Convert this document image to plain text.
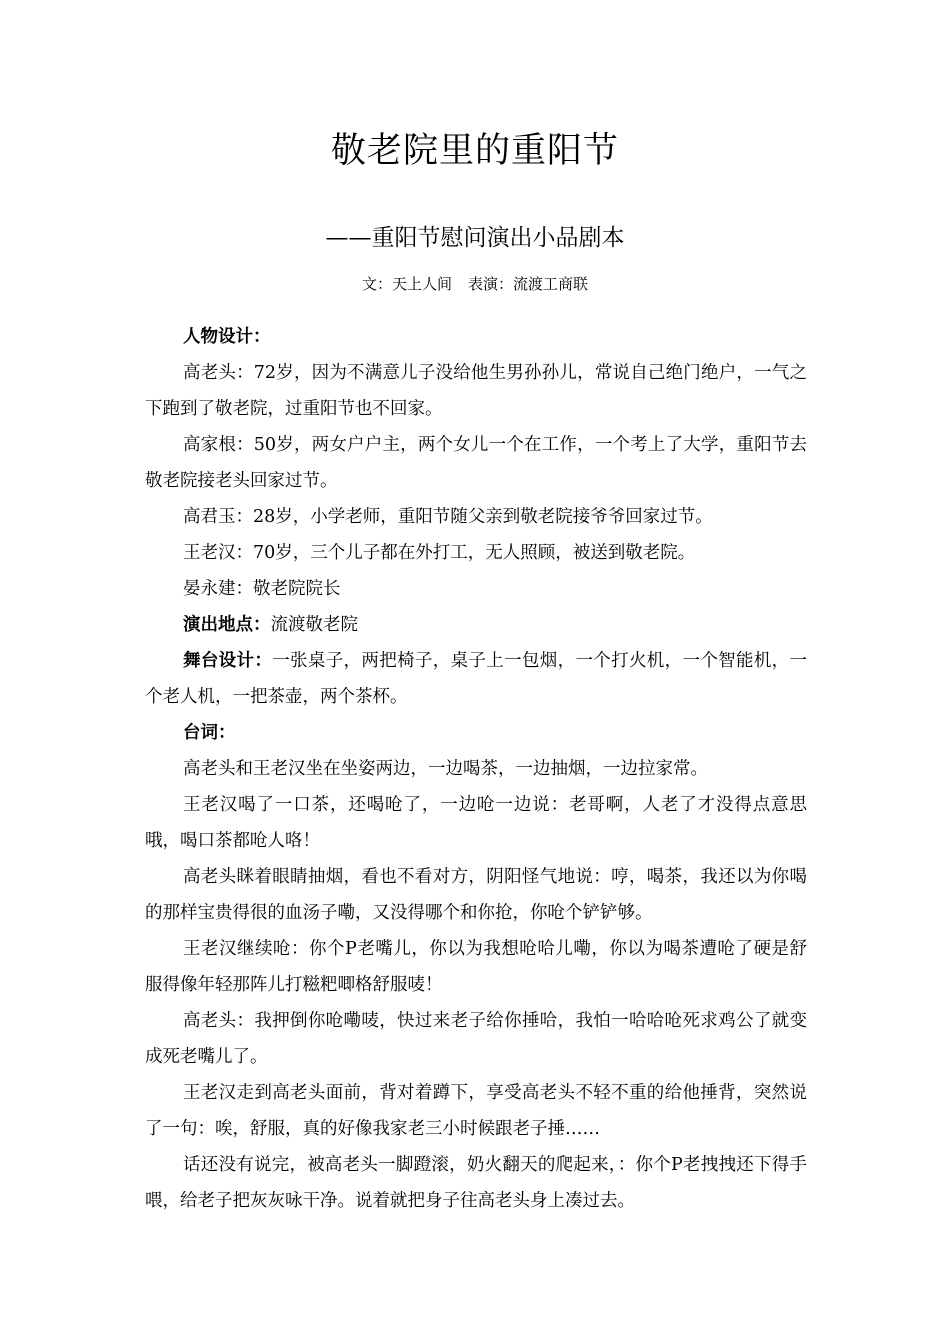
敬老院里的重阳节
——重阳节慰问演出小品剧本
文：天上人间 表演：流渡工商联

人物设计：

高老头：72岁，因为不满意儿子没给他生男孙孙儿，常说自己绝门绝户，一气之下跑到了敬老院，过重阳节也不回家。

高家根：50岁，两女户户主，两个女儿一个在工作，一个考上了大学，重阳节去敬老院接老头回家过节。

高君玉：28岁，小学老师，重阳节随父亲到敬老院接爷爷回家过节。

王老汉：70岁，三个儿子都在外打工，无人照顾，被送到敬老院。

晏永建：敬老院院长

演出地点：流渡敬老院

舞台设计：一张桌子，两把椅子，桌子上一包烟，一个打火机，一个智能机，一个老人机，一把茶壶，两个茶杯。

台词：

高老头和王老汉坐在坐姿两边，一边喝茶，一边抽烟，一边拉家常。

王老汉喝了一口茶，还喝呛了，一边呛一边说：老哥啊，人老了才没得点意思哦，喝口茶都呛人咯！

高老头眯着眼睛抽烟，看也不看对方，阴阳怪气地说：哼，喝茶，我还以为你喝的那样宝贵得很的血汤子嘞，又没得哪个和你抢，你呛个铲铲够。

王老汉继续呛：你个P老嘴儿，你以为我想呛哈儿嘞，你以为喝茶遭呛了硬是舒服得像年轻那阵儿打糍粑唧格舒服唛！

高老头：我押倒你呛嘞唛，快过来老子给你捶哈，我怕一哈哈呛死求鸡公了就变成死老嘴儿了。

王老汉走到高老头面前，背对着蹲下，享受高老头不轻不重的给他捶背，突然说了一句：唉，舒服，真的好像我家老三小时候跟老子捶……

话还没有说完，被高老头一脚蹬滚，奶火翻天的爬起来，：你个P老拽拽还下得手喂，给老子把灰灰咏干净。说着就把身子往高老头身上凑过去。
